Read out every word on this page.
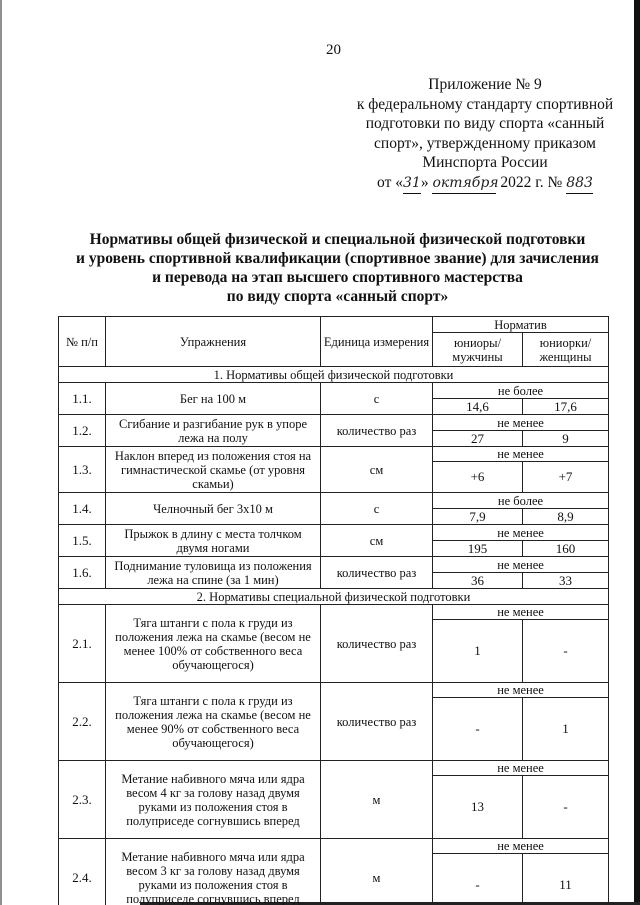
20
Приложение № 9
к федеральному стандарту спортивной
подготовки по виду спорта «санный
спорт», утвержденному приказом
Минспорта России
от «31» октября 2022 г. № 883
Нормативы общей физической и специальной физической подготовки
и уровень спортивной квалификации (спортивное звание) для зачисления
и перевода на этап высшего спортивного мастерства
по виду спорта «санный спорт»
№ п/п	Упражнения	Единица измерения	Норматив	
			юниоры/ мужчины	юниорки/ женщины
1. Нормативы общей физической подготовки				
1.1.	Бег на 100 м	с	не более	
			14,6	17,6
1.2.	Сгибание и разгибание рук в упоре лежа на полу	количество раз	не менее	
			27	9
1.3.	Наклон вперед из положения стоя на гимнастической скамье (от уровня скамьи)	см	не менее	
			+6	+7
1.4.	Челночный бег 3x10 м	с	не более	
			7,9	8,9
1.5.	Прыжок в длину с места толчком двумя ногами	см	не менее	
			195	160
1.6.	Поднимание туловища из положения лежа на спине (за 1 мин)	количество раз	не менее	
			36	33
2. Нормативы специальной физической подготовки				
2.1.	Тяга штанги с пола к груди из положения лежа на скамье (весом не менее 100% от собственного веса обучающегося)	количество раз	не менее	
			1	-
2.2.	Тяга штанги с пола к груди из положения лежа на скамье (весом не менее 90% от собственного веса обучающегося)	количество раз	не менее	
			-	1
2.3.	Метание набивного мяча или ядра весом 4 кг за голову назад двумя руками из положения стоя в полуприседе согнувшись вперед	м	не менее	
			13	-
2.4.	Метание набивного мяча или ядра весом 3 кг за голову назад двумя руками из положения стоя в полуприседе согнувшись вперед	м	не менее	
			-	11
